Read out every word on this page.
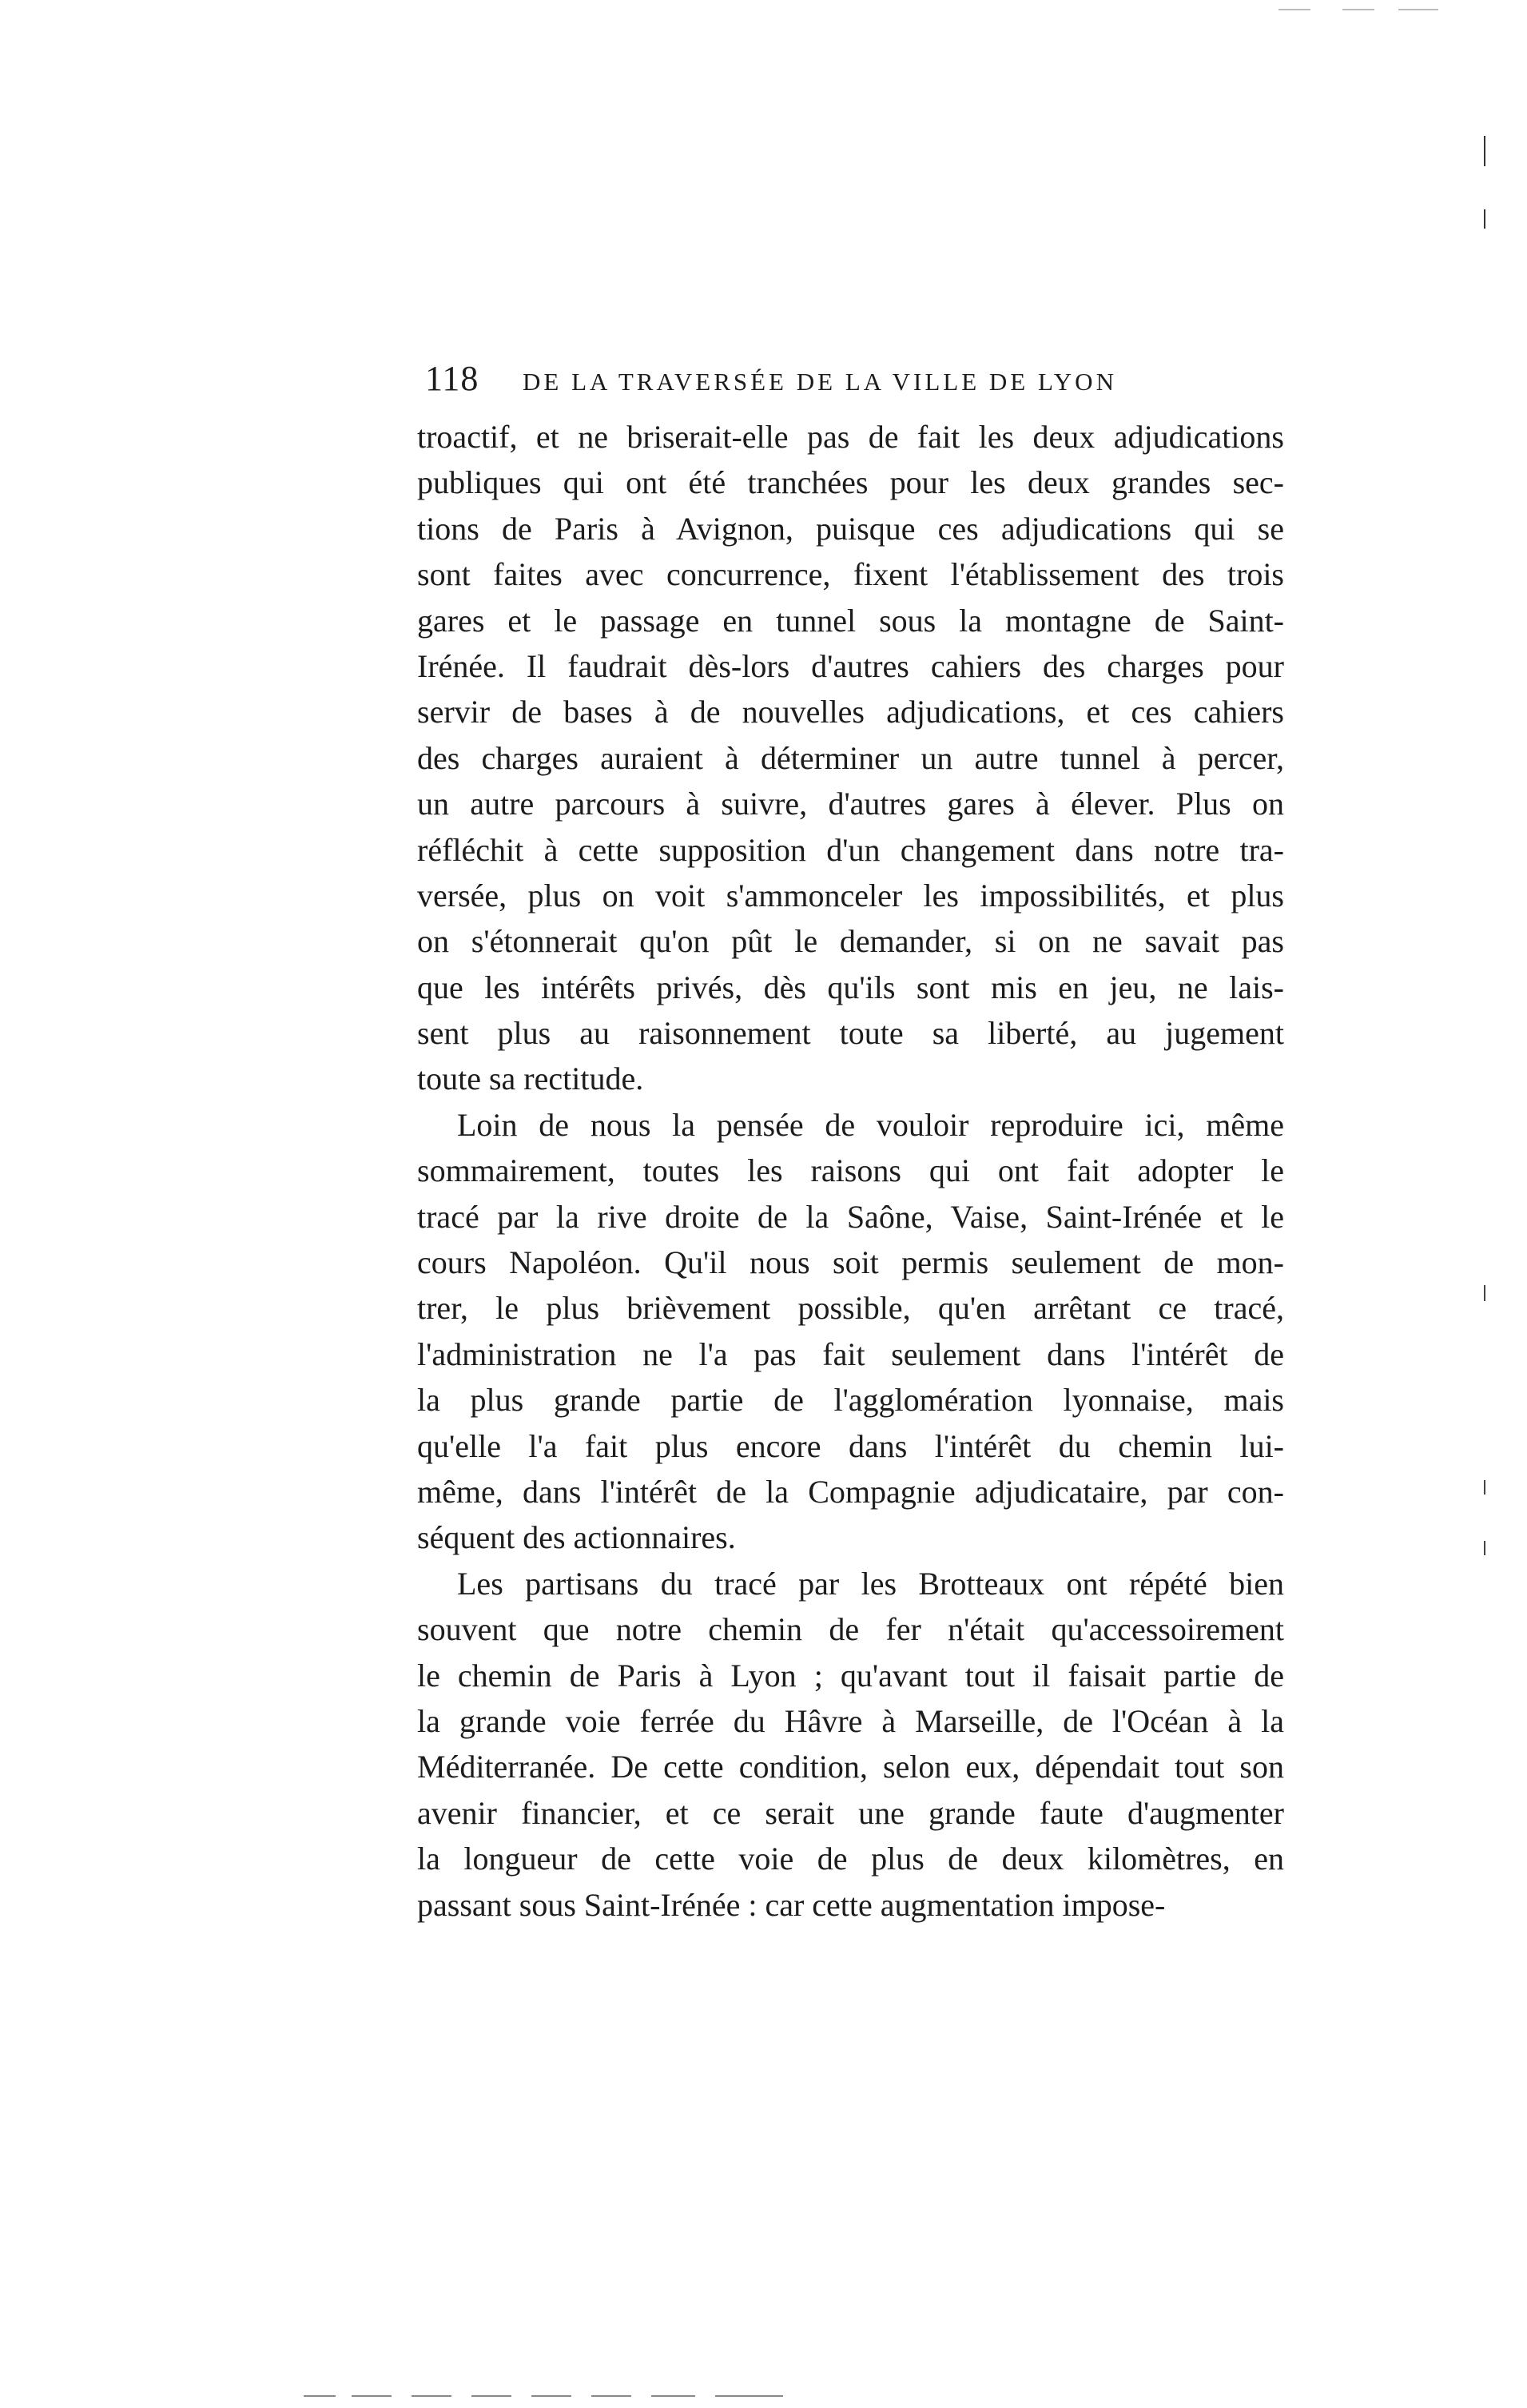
118 DE LA TRAVERSÉE DE LA VILLE DE LYON
troactif, et ne briserait-elle pas de fait les deux adjudications
publiques qui ont été tranchées pour les deux grandes sec-
tions de Paris à Avignon, puisque ces adjudications qui se
sont faites avec concurrence, fixent l'établissement des trois
gares et le passage en tunnel sous la montagne de Saint-
Irénée. Il faudrait dès-lors d'autres cahiers des charges pour
servir de bases à de nouvelles adjudications, et ces cahiers
des charges auraient à déterminer un autre tunnel à percer,
un autre parcours à suivre, d'autres gares à élever. Plus on
réfléchit à cette supposition d'un changement dans notre tra-
versée, plus on voit s'ammonceler les impossibilités, et plus
on s'étonnerait qu'on pût le demander, si on ne savait pas
que les intérêts privés, dès qu'ils sont mis en jeu, ne lais-
sent plus au raisonnement toute sa liberté, au jugement
toute sa rectitude.
Loin de nous la pensée de vouloir reproduire ici, même
sommairement, toutes les raisons qui ont fait adopter le
tracé par la rive droite de la Saône, Vaise, Saint-Irénée et le
cours Napoléon. Qu'il nous soit permis seulement de mon-
trer, le plus brièvement possible, qu'en arrêtant ce tracé,
l'administration ne l'a pas fait seulement dans l'intérêt de
la plus grande partie de l'agglomération lyonnaise, mais
qu'elle l'a fait plus encore dans l'intérêt du chemin lui-
même, dans l'intérêt de la Compagnie adjudicataire, par con-
séquent des actionnaires.
Les partisans du tracé par les Brotteaux ont répété bien
souvent que notre chemin de fer n'était qu'accessoirement
le chemin de Paris à Lyon ; qu'avant tout il faisait partie de
la grande voie ferrée du Hâvre à Marseille, de l'Océan à la
Méditerranée. De cette condition, selon eux, dépendait tout son
avenir financier, et ce serait une grande faute d'augmenter
la longueur de cette voie de plus de deux kilomètres, en
passant sous Saint-Irénée : car cette augmentation impose-
